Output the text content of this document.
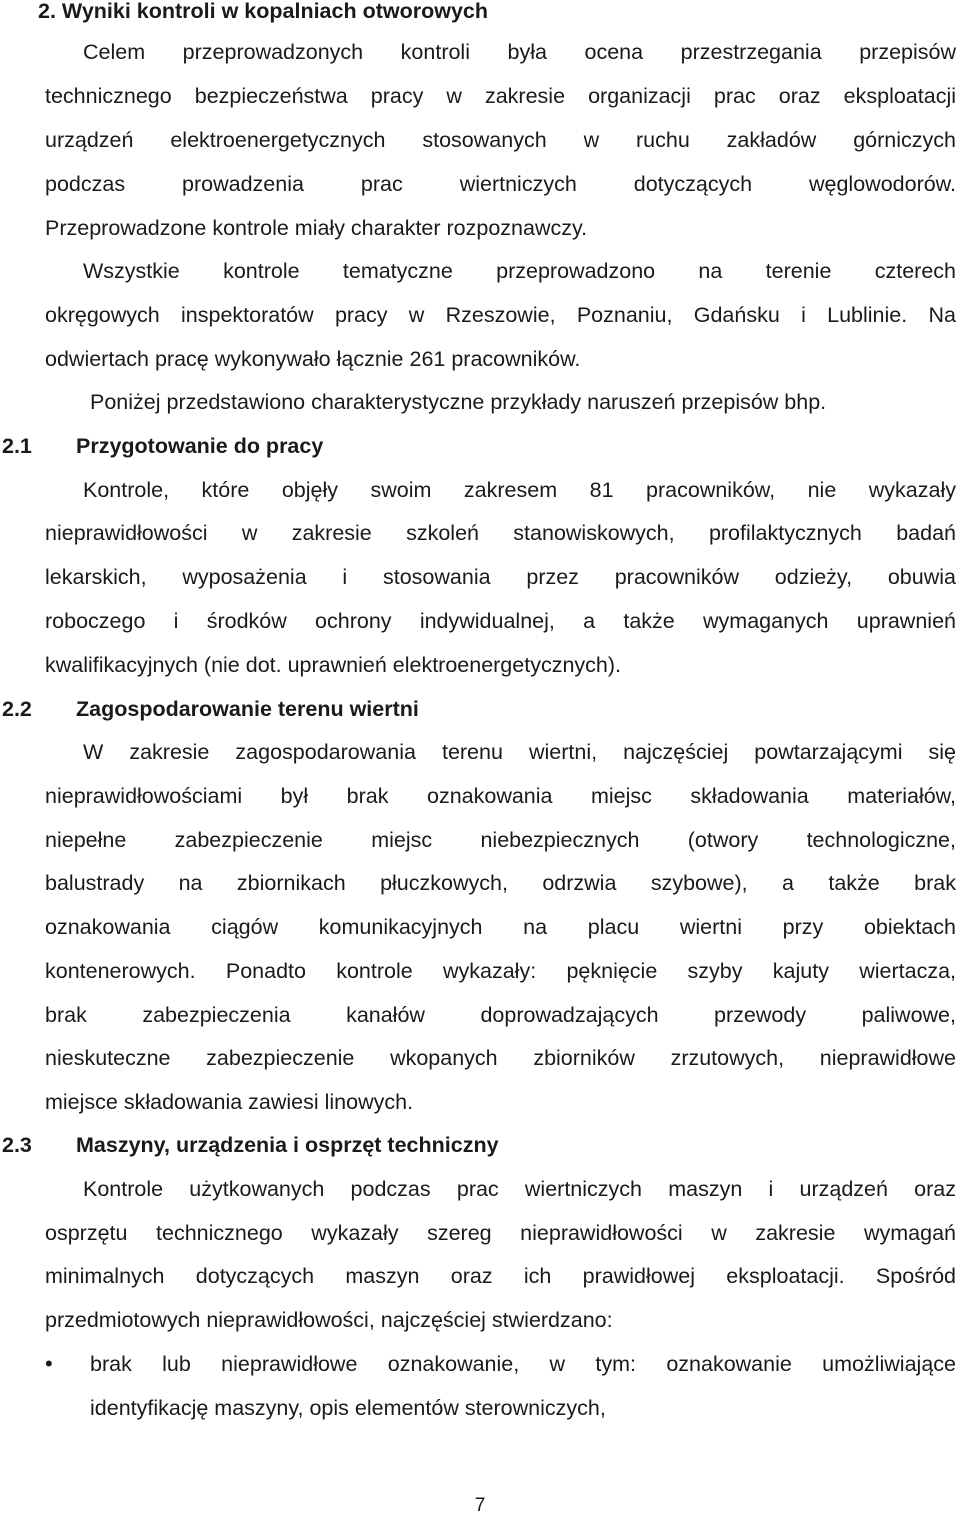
2. Wyniki kontroli w kopalniach otworowych
Celem przeprowadzonych kontroli była ocena przestrzegania przepisów
technicznego bezpieczeństwa pracy w zakresie organizacji prac oraz eksploatacji
urządzeń elektroenergetycznych stosowanych w ruchu zakładów górniczych
podczas prowadzenia prac wiertniczych dotyczących węglowodorów.
Przeprowadzone kontrole miały charakter rozpoznawczy.
Wszystkie kontrole tematyczne przeprowadzono na terenie czterech
okręgowych inspektoratów pracy w Rzeszowie, Poznaniu, Gdańsku i Lublinie. Na
odwiertach pracę wykonywało łącznie 261 pracowników.
Poniżej przedstawiono charakterystyczne przykłady naruszeń przepisów bhp.
2.1 Przygotowanie do pracy
Kontrole, które objęły swoim zakresem 81 pracowników, nie wykazały
nieprawidłowości w zakresie szkoleń stanowiskowych, profilaktycznych badań
lekarskich, wyposażenia i stosowania przez pracowników odzieży, obuwia
roboczego i środków ochrony indywidualnej, a także wymaganych uprawnień
kwalifikacyjnych (nie dot. uprawnień elektroenergetycznych).
2.2 Zagospodarowanie terenu wiertni
W zakresie zagospodarowania terenu wiertni, najczęściej powtarzającymi się
nieprawidłowościami był brak oznakowania miejsc składowania materiałów,
niepełne zabezpieczenie miejsc niebezpiecznych (otwory technologiczne,
balustrady na zbiornikach płuczkowych, odrzwia szybowe), a także brak
oznakowania ciągów komunikacyjnych na placu wiertni przy obiektach
kontenerowych. Ponadto kontrole wykazały: pęknięcie szyby kajuty wiertacza,
brak zabezpieczenia kanałów doprowadzających przewody paliwowe,
nieskuteczne zabezpieczenie wkopanych zbiorników zrzutowych, nieprawidłowe
miejsce składowania zawiesi linowych.
2.3 Maszyny, urządzenia i osprzęt techniczny
Kontrole użytkowanych podczas prac wiertniczych maszyn i urządzeń oraz
osprzętu technicznego wykazały szereg nieprawidłowości w zakresie wymagań
minimalnych dotyczących maszyn oraz ich prawidłowej eksploatacji. Spośród
przedmiotowych nieprawidłowości, najczęściej stwierdzano:
• brak lub nieprawidłowe oznakowanie, w tym: oznakowanie umożliwiające
identyfikację maszyny, opis elementów sterowniczych,
7
